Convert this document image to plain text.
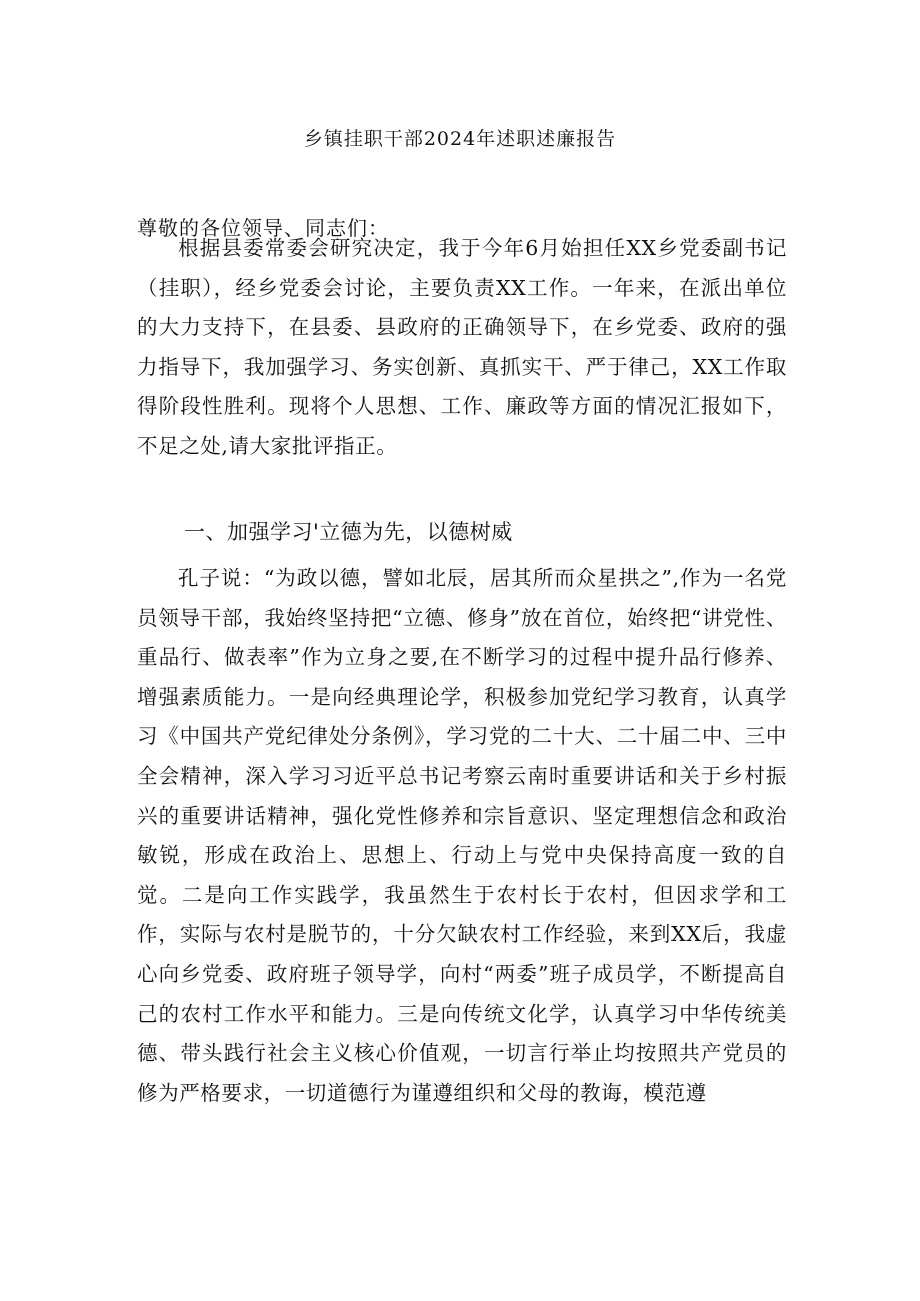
乡镇挂职干部2024年述职述廉报告
尊敬的各位领导、同志们：

根据县委常委会研究决定，我于今年6月始担任XX乡党委副书记（挂职），经乡党委会讨论，主要负责XX工作。一年来，在派出单位的大力支持下，在县委、县政府的正确领导下，在乡党委、政府的强力指导下，我加强学习、务实创新、真抓实干、严于律己，XX工作取得阶段性胜利。现将个人思想、工作、廉政等方面的情况汇报如下，不足之处,请大家批评指正。

一、加强学习'立德为先，以德树威

孔子说：“为政以德，譬如北辰，居其所而众星拱之”,作为一名党员领导干部，我始终坚持把“立德、修身”放在首位，始终把“讲党性、重品行、做表率”作为立身之要,在不断学习的过程中提升品行修养、增强素质能力。一是向经典理论学，积极参加党纪学习教育，认真学习《中国共产党纪律处分条例》，学习党的二十大、二十届二中、三中全会精神，深入学习习近平总书记考察云南时重要讲话和关于乡村振兴的重要讲话精神，强化党性修养和宗旨意识、坚定理想信念和政治敏锐，形成在政治上、思想上、行动上与党中央保持高度一致的自觉。二是向工作实践学，我虽然生于农村长于农村，但因求学和工作，实际与农村是脱节的，十分欠缺农村工作经验，来到XX后，我虚心向乡党委、政府班子领导学，向村“两委”班子成员学，不断提高自己的农村工作水平和能力。三是向传统文化学，认真学习中华传统美德、带头践行社会主义核心价值观，一切言行举止均按照共产党员的修为严格要求，一切道德行为谨遵组织和父母的教诲，模范遵
